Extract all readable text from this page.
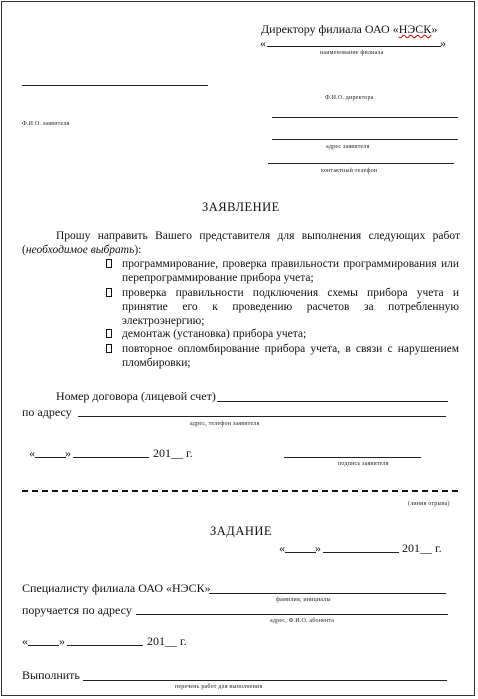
Директору филиала ОАО «НЭСК»
«	»
наименование филиала
Ф.И.О. директора
Ф.И.О. заявителя
адрес заявителя
контактный телефон
ЗАЯВЛЕНИЕ
Прошу направить Вашего представителя для выполнения следующих работ (необходимое выбрать):
программирование, проверка правильности программирования или перепрограммирование прибора учета;
проверка правильности подключения схемы прибора учета и принятие его к проведению расчетов за потребленную электроэнергию;
демонтаж (установка) прибора учета;
повторное опломбирование прибора учета, в связи с нарушением пломбировки;
Номер договора (лицевой счет)
по адресу
адрес, телефон заявителя
«	»	201__ г.
подпись заявителя
(линия отрыва)
ЗАДАНИЕ
«	»	201__ г.
Специалисту филиала ОАО «НЭСК»
фамилия, инициалы
поручается по адресу
адрес, Ф.И.О. абонента
«	»	201__ г.
Выполнить
перечень работ для выполнения
